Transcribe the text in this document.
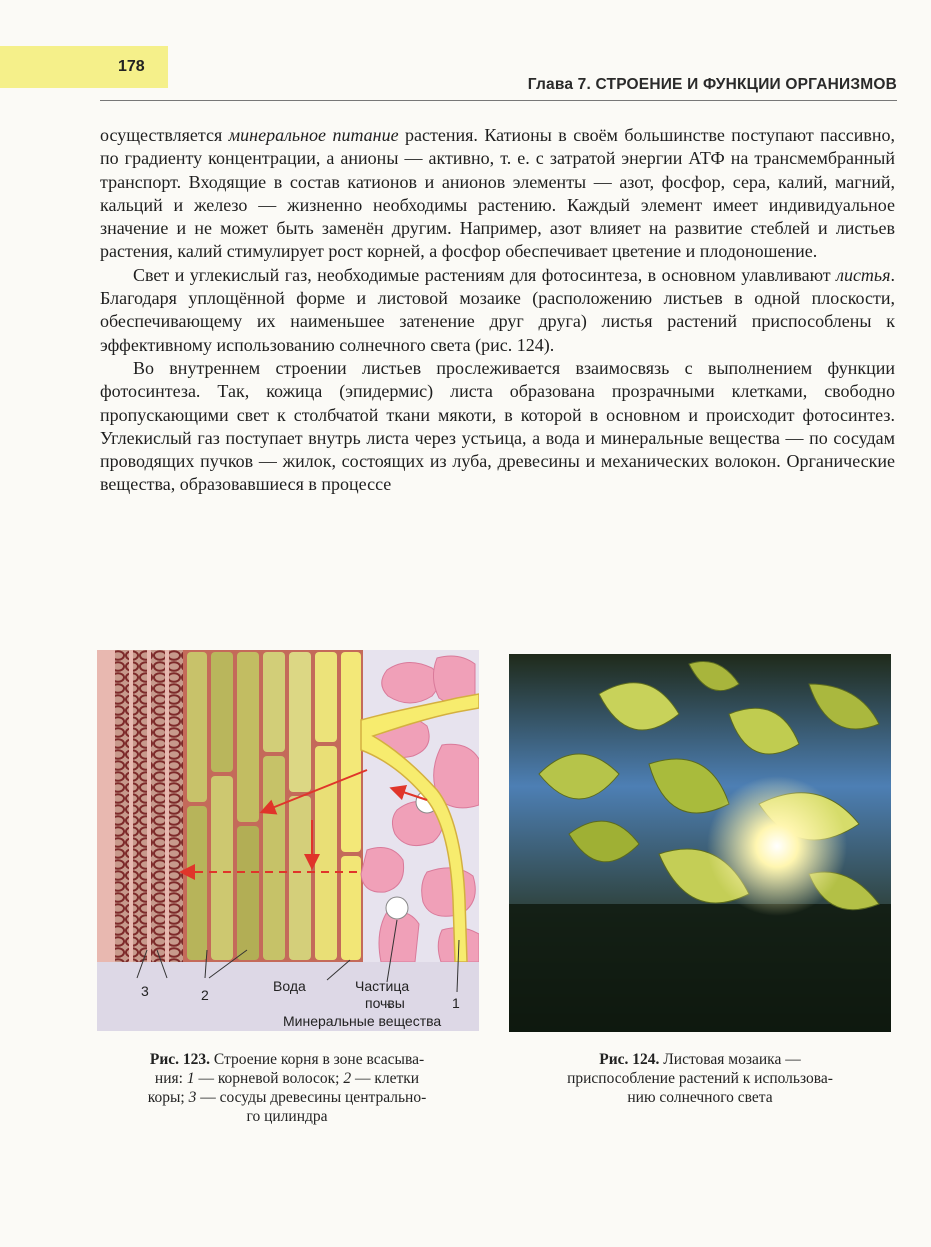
178
Глава 7. СТРОЕНИЕ И ФУНКЦИИ ОРГАНИЗМОВ

осуществляется минеральное питание растения. Катионы в своём большинстве поступают пассивно, по градиенту концентрации, а анионы — активно, т. е. с затратой энергии АТФ на трансмембранный транспорт. Входящие в состав катионов и анионов элементы — азот, фосфор, сера, калий, магний, кальций и железо — жизненно необходимы растению. Каждый элемент имеет индивидуальное значение и не может быть заменён другим. Например, азот влияет на развитие стеблей и листьев растения, калий стимулирует рост корней, а фосфор обеспечивает цветение и плодоношение.

Свет и углекислый газ, необходимые растениям для фотосинтеза, в основном улавливают листья. Благодаря уплощённой форме и листовой мозаике (расположению листьев в одной плоскости, обеспечивающему их наименьшее затенение друг друга) листья растений приспособлены к эффективному использованию солнечного света (рис. 124).

Во внутреннем строении листьев прослеживается взаимосвязь с выполнением функции фотосинтеза. Так, кожица (эпидермис) листа образована прозрачными клетками, свободно пропускающими свет к столбчатой ткани мякоти, в которой в основном и происходит фотосинтез. Углекислый газ поступает внутрь листа через устьица, а вода и минеральные вещества — по сосудам проводящих пучков — жилок, состоящих из луба, древесины и механических волокон. Органические вещества, образовавшиеся в процессе

3	2
Вода	Частица
почвы	1
Минеральные вещества
Рис. 123. Строение корня в зоне всасыва-
ния: 1 — корневой волосок; 2 — клетки
коры; 3 — сосуды древесины центрально-
го цилиндра
Рис. 124. Листовая мозаика —
приспособление растений к использова-
нию солнечного света
